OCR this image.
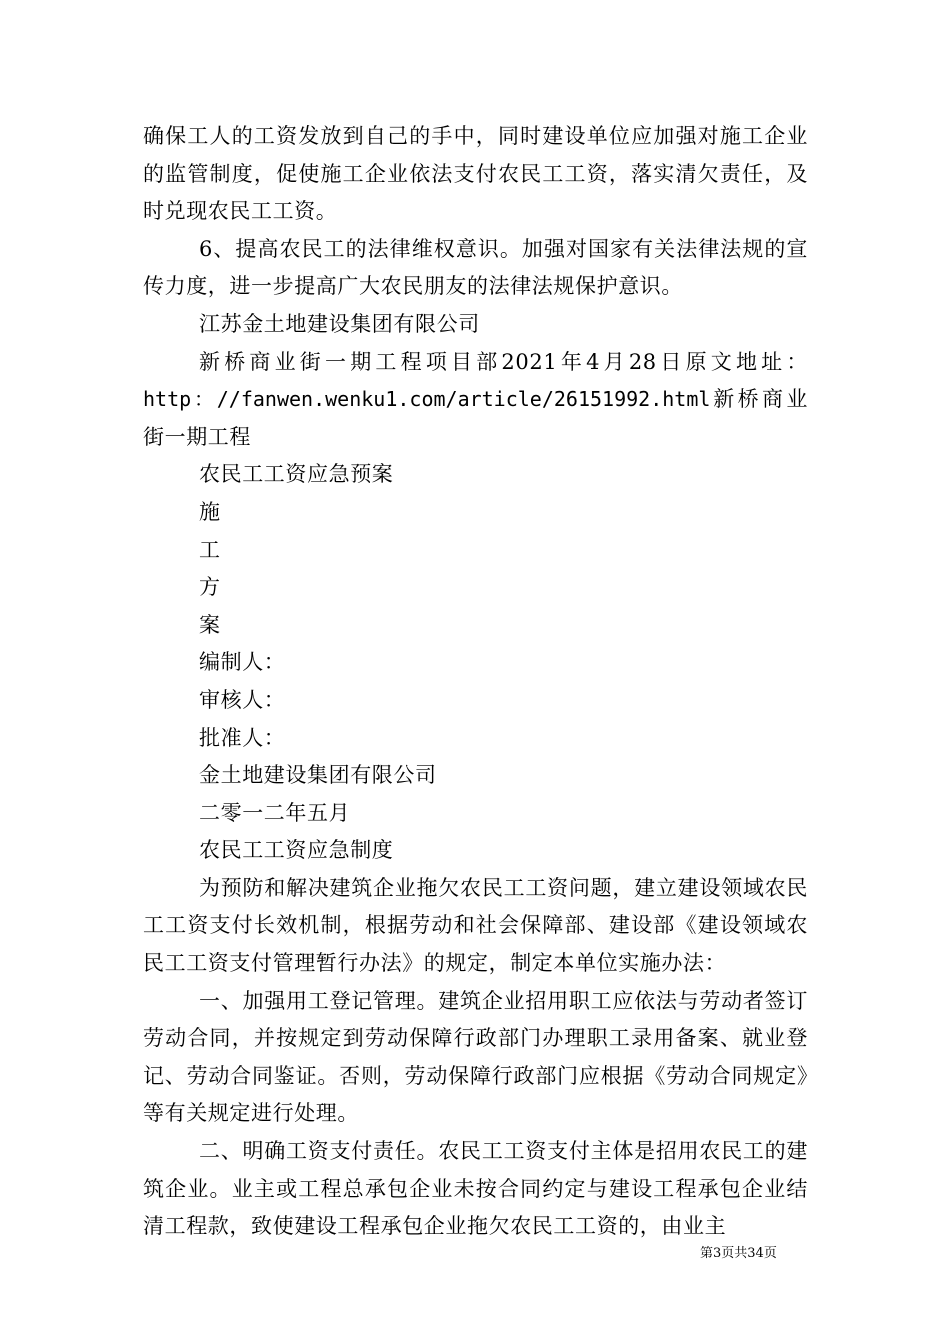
确保工人的工资发放到自己的手中，同时建设单位应加强对施工企业的监管制度，促使施工企业依法支付农民工工资，落实清欠责任，及时兑现农民工工资。

6、提高农民工的法律维权意识。加强对国家有关法律法规的宣传力度，进一步提高广大农民朋友的法律法规保护意识。

江苏金土地建设集团有限公司

新桥商业街一期工程项目部2021年4月28日原文地址：http：//fanwen.wenku1.com/article/26151992.html新桥商业街一期工程

农民工工资应急预案

施

工

方

案

编制人：

审核人：

批准人：

金土地建设集团有限公司

二零一二年五月

农民工工资应急制度

为预防和解决建筑企业拖欠农民工工资问题，建立建设领域农民工工资支付长效机制，根据劳动和社会保障部、建设部《建设领域农民工工资支付管理暂行办法》的规定，制定本单位实施办法：

一、加强用工登记管理。建筑企业招用职工应依法与劳动者签订劳动合同，并按规定到劳动保障行政部门办理职工录用备案、就业登记、劳动合同鉴证。否则，劳动保障行政部门应根据《劳动合同规定》等有关规定进行处理。

二、明确工资支付责任。农民工工资支付主体是招用农民工的建筑企业。业主或工程总承包企业未按合同约定与建设工程承包企业结清工程款，致使建设工程承包企业拖欠农民工工资的，由业主

第3页共34页
